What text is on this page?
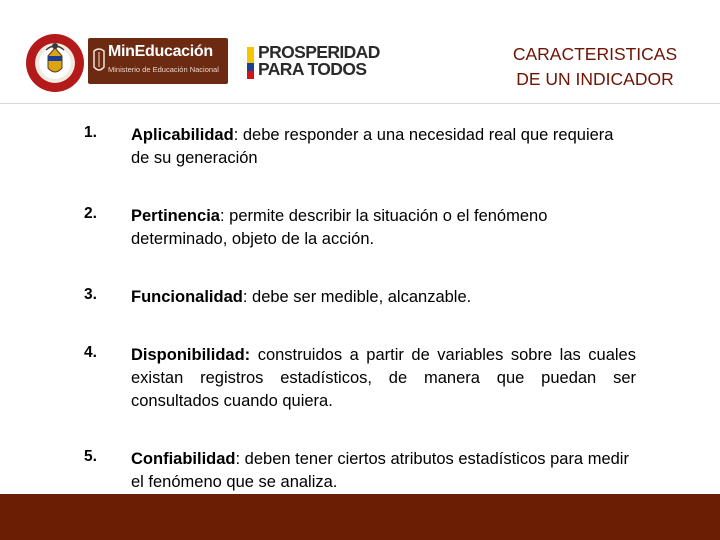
MinEducación
Ministerio de Educación Nacional
PROSPERIDAD
PARA TODOS
CARACTERISTICAS
DE UN INDICADOR
1. Aplicabilidad: debe responder a una necesidad real que requiera de su generación
2. Pertinencia: permite describir la situación o el fenómeno determinado, objeto de la acción.
3. Funcionalidad: debe ser medible, alcanzable.
4. Disponibilidad: construidos a partir de variables sobre las cuales existan registros estadísticos, de manera que puedan ser consultados cuando quiera.
5. Confiabilidad: deben tener ciertos atributos estadísticos para medir el fenómeno que se analiza.
